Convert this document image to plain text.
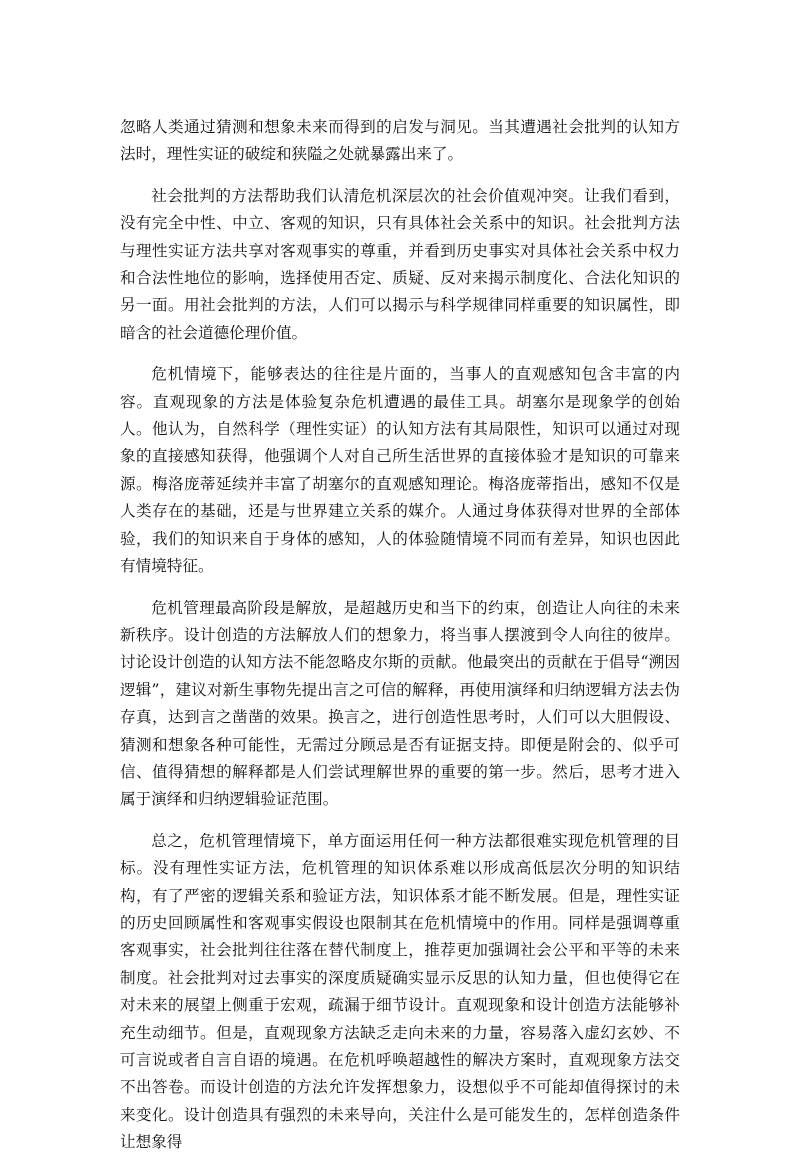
忽略人类通过猜测和想象未来而得到的启发与洞见。当其遭遇社会批判的认知方法时，理性实证的破绽和狭隘之处就暴露出来了。

社会批判的方法帮助我们认清危机深层次的社会价值观冲突。让我们看到，没有完全中性、中立、客观的知识，只有具体社会关系中的知识。社会批判方法与理性实证方法共享对客观事实的尊重，并看到历史事实对具体社会关系中权力和合法性地位的影响，选择使用否定、质疑、反对来揭示制度化、合法化知识的另一面。用社会批判的方法，人们可以揭示与科学规律同样重要的知识属性，即暗含的社会道德伦理价值。

危机情境下，能够表达的往往是片面的，当事人的直观感知包含丰富的内容。直观现象的方法是体验复杂危机遭遇的最佳工具。胡塞尔是现象学的创始人。他认为，自然科学（理性实证）的认知方法有其局限性，知识可以通过对现象的直接感知获得，他强调个人对自己所生活世界的直接体验才是知识的可靠来源。梅洛庞蒂延续并丰富了胡塞尔的直观感知理论。梅洛庞蒂指出，感知不仅是人类存在的基础，还是与世界建立关系的媒介。人通过身体获得对世界的全部体验，我们的知识来自于身体的感知，人的体验随情境不同而有差异，知识也因此有情境特征。

危机管理最高阶段是解放，是超越历史和当下的约束，创造让人向往的未来新秩序。设计创造的方法解放人们的想象力，将当事人摆渡到令人向往的彼岸。讨论设计创造的认知方法不能忽略皮尔斯的贡献。他最突出的贡献在于倡导“溯因逻辑”，建议对新生事物先提出言之可信的解释，再使用演绎和归纳逻辑方法去伪存真，达到言之凿凿的效果。换言之，进行创造性思考时，人们可以大胆假设、猜测和想象各种可能性，无需过分顾忌是否有证据支持。即便是附会的、似乎可信、值得猜想的解释都是人们尝试理解世界的重要的第一步。然后，思考才进入属于演绎和归纳逻辑验证范围。

总之，危机管理情境下，单方面运用任何一种方法都很难实现危机管理的目标。没有理性实证方法，危机管理的知识体系难以形成高低层次分明的知识结构，有了严密的逻辑关系和验证方法，知识体系才能不断发展。但是，理性实证的历史回顾属性和客观事实假设也限制其在危机情境中的作用。同样是强调尊重客观事实，社会批判往往落在替代制度上，推荐更加强调社会公平和平等的未来制度。社会批判对过去事实的深度质疑确实显示反思的认知力量，但也使得它在对未来的展望上侧重于宏观，疏漏于细节设计。直观现象和设计创造方法能够补充生动细节。但是，直观现象方法缺乏走向未来的力量，容易落入虚幻玄妙、不可言说或者自言自语的境遇。在危机呼唤超越性的解决方案时，直观现象方法交不出答卷。而设计创造的方法允许发挥想象力，设想似乎不可能却值得探讨的未来变化。设计创造具有强烈的未来导向，关注什么是可能发生的，怎样创造条件让想象得
